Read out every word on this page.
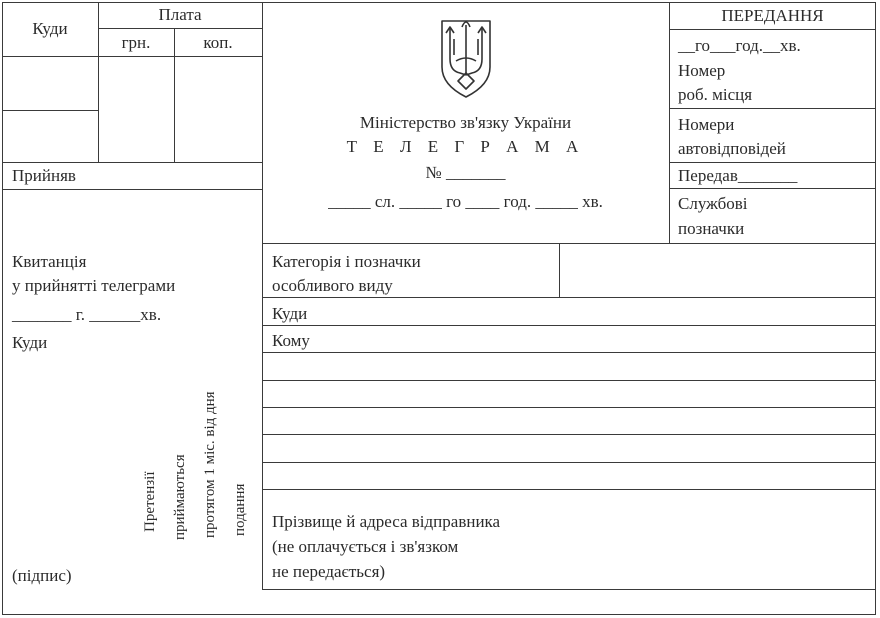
Куди
Плата
грн.	коп.
Прийняв
Міністерство зв'язку України
Т Е Л Е Г Р А М А
№ _______
_____ сл. _____ го ____ год. _____ хв.
ПЕРЕДАННЯ
__го___год.__хв.
Номер
роб. місця
Номери
автовідповідей
Передав_______
Службові
позначки
Квитанція
у прийнятті телеграми
_______ г. ______хв.
Куди
Претензії приймаються протягом 1 міс. від дня подання
(підпис)
Категорія і позначки
особливого виду
Куди
Кому
Прізвище й адреса відправника
(не оплачується і зв'язком
не передається)
